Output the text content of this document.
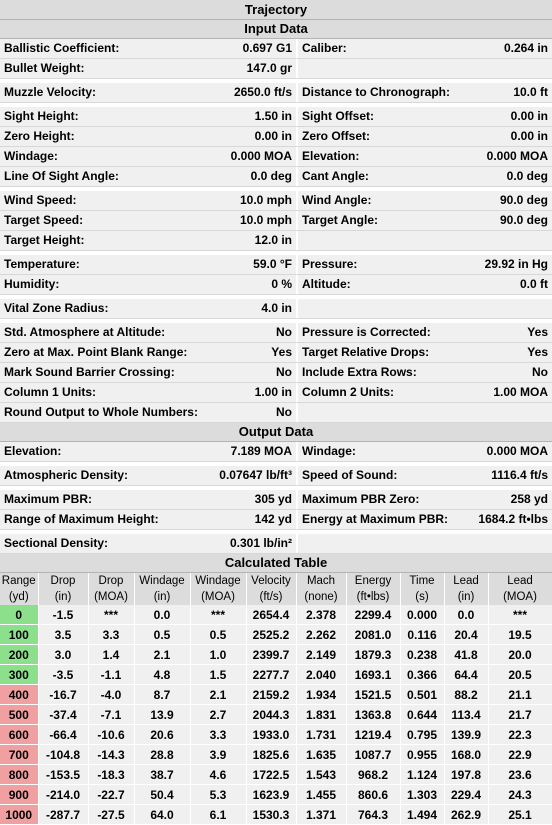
Trajectory
Input Data
Ballistic Coefficient:	0.697 G1 Caliber:	0.264 in
Bullet Weight:	147.0 gr
Muzzle Velocity:	2650.0 ft/s Distance to Chronograph:	10.0 ft
Sight Height:	1.50 in Sight Offset:	0.00 in
Zero Height:	0.00 in Zero Offset:	0.00 in
Windage:	0.000 MOA Elevation:	0.000 MOA
Line Of Sight Angle:	0.0 deg Cant Angle:	0.0 deg
Wind Speed:	10.0 mph Wind Angle:	90.0 deg
Target Speed:	10.0 mph Target Angle:	90.0 deg
Target Height:	12.0 in
Temperature:	59.0 °F Pressure:	29.92 in Hg
Humidity:	0 % Altitude:	0.0 ft
Vital Zone Radius:	4.0 in
Std. Atmosphere at Altitude:	No Pressure is Corrected:	Yes
Zero at Max. Point Blank Range:	Yes Target Relative Drops:	Yes
Mark Sound Barrier Crossing:	No Include Extra Rows:	No
Column 1 Units:	1.00 in Column 2 Units:	1.00 MOA
Round Output to Whole Numbers:	No
Output Data
Elevation:	7.189 MOA Windage:	0.000 MOA
Atmospheric Density:	0.07647 lb/ft³ Speed of Sound:	1116.4 ft/s
Maximum PBR:	305 yd Maximum PBR Zero:	258 yd
Range of Maximum Height:	142 yd Energy at Maximum PBR:	1684.2 ft•lbs
Sectional Density:	0.301 lb/in²
Calculated Table
Range	Drop	Drop	Windage	Windage	Velocity	Mach	Energy	Time	Lead	Lead
(yd)	(in)	(MOA)	(in)	(MOA)	(ft/s)	(none)	(ft•lbs)	(s)	(in)	(MOA)
0	-1.5	***	0.0	***	2654.4	2.378	2299.4	0.000	0.0	***
100	3.5	3.3	0.5	0.5	2525.2	2.262	2081.0	0.116	20.4	19.5
200	3.0	1.4	2.1	1.0	2399.7	2.149	1879.3	0.238	41.8	20.0
300	-3.5	-1.1	4.8	1.5	2277.7	2.040	1693.1	0.366	64.4	20.5
400	-16.7	-4.0	8.7	2.1	2159.2	1.934	1521.5	0.501	88.2	21.1
500	-37.4	-7.1	13.9	2.7	2044.3	1.831	1363.8	0.644	113.4	21.7
600	-66.4	-10.6	20.6	3.3	1933.0	1.731	1219.4	0.795	139.9	22.3
700	-104.8	-14.3	28.8	3.9	1825.6	1.635	1087.7	0.955	168.0	22.9
800	-153.5	-18.3	38.7	4.6	1722.5	1.543	968.2	1.124	197.8	23.6
900	-214.0	-22.7	50.4	5.3	1623.9	1.455	860.6	1.303	229.4	24.3
1000	-287.7	-27.5	64.0	6.1	1530.3	1.371	764.3	1.494	262.9	25.1
